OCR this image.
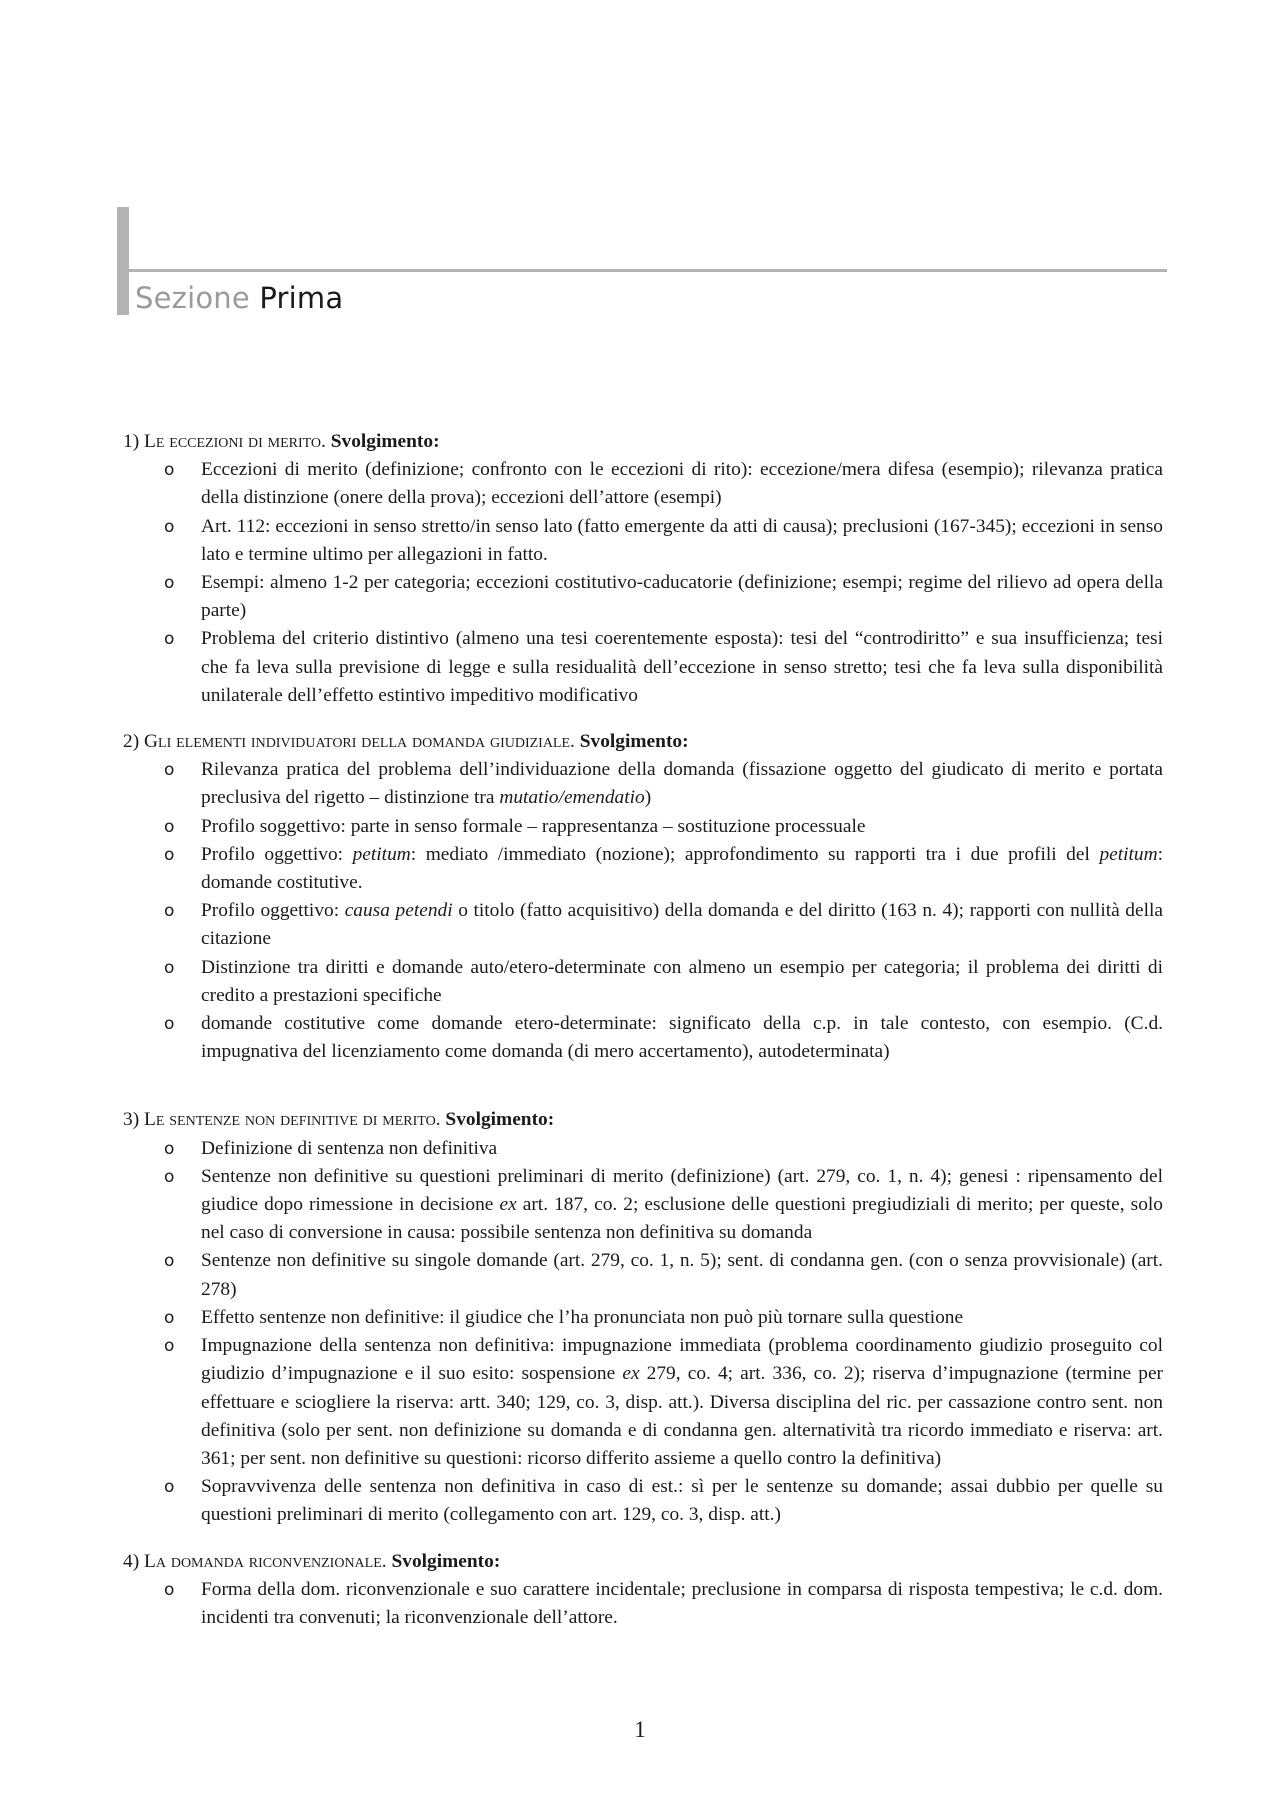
Sezione Prima

1) Le eccezioni di merito. Svolgimento:

o Eccezioni di merito (definizione; confronto con le eccezioni di rito): eccezione/mera difesa (esempio); rilevanza pratica della distinzione (onere della prova); eccezioni dell’attore (esempi)
o Art. 112: eccezioni in senso stretto/in senso lato (fatto emergente da atti di causa); preclusioni (167-345); eccezioni in senso lato e termine ultimo per allegazioni in fatto.
o Esempi: almeno 1-2 per categoria; eccezioni costitutivo-caducatorie (definizione; esempi; regime del rilievo ad opera della parte)
o Problema del criterio distintivo (almeno una tesi coerentemente esposta): tesi del “controdiritto” e sua insufficienza; tesi che fa leva sulla previsione di legge e sulla residualità dell’eccezione in senso stretto; tesi che fa leva sulla disponibilità unilaterale dell’effetto estintivo impeditivo modificativo

2) Gli elementi individuatori della domanda giudiziale. Svolgimento:

o Rilevanza pratica del problema dell’individuazione della domanda (fissazione oggetto del giudicato di merito e portata preclusiva del rigetto – distinzione tra mutatio/emendatio)
o Profilo soggettivo: parte in senso formale – rappresentanza – sostituzione processuale
o Profilo oggettivo: petitum: mediato /immediato (nozione); approfondimento su rapporti tra i due profili del petitum: domande costitutive.
o Profilo oggettivo: causa petendi o titolo (fatto acquisitivo) della domanda e del diritto (163 n. 4); rapporti con nullità della citazione
o Distinzione tra diritti e domande auto/etero-determinate con almeno un esempio per categoria; il problema dei diritti di credito a prestazioni specifiche
o domande costitutive come domande etero-determinate: significato della c.p. in tale contesto, con esempio. (C.d. impugnativa del licenziamento come domanda (di mero accertamento), autodeterminata)

3) Le sentenze non definitive di merito. Svolgimento:

o Definizione di sentenza non definitiva
o Sentenze non definitive su questioni preliminari di merito (definizione) (art. 279, co. 1, n. 4); genesi : ripensamento del giudice dopo rimessione in decisione ex art. 187, co. 2; esclusione delle questioni pregiudiziali di merito; per queste, solo nel caso di conversione in causa: possibile sentenza non definitiva su domanda
o Sentenze non definitive su singole domande (art. 279, co. 1, n. 5); sent. di condanna gen. (con o senza provvisionale) (art. 278)
o Effetto sentenze non definitive: il giudice che l’ha pronunciata non può più tornare sulla questione
o Impugnazione della sentenza non definitiva: impugnazione immediata (problema coordinamento giudizio proseguito col giudizio d’impugnazione e il suo esito: sospensione ex 279, co. 4; art. 336, co. 2); riserva d’impugnazione (termine per effettuare e sciogliere la riserva: artt. 340; 129, co. 3, disp. att.). Diversa disciplina del ric. per cassazione contro sent. non definitiva (solo per sent. non definizione su domanda e di condanna gen. alternatività tra ricordo immediato e riserva: art. 361; per sent. non definitive su questioni: ricorso differito assieme a quello contro la definitiva)
o Sopravvivenza delle sentenza non definitiva in caso di est.: sì per le sentenze su domande; assai dubbio per quelle su questioni preliminari di merito (collegamento con art. 129, co. 3, disp. att.)

4) La domanda riconvenzionale. Svolgimento:

o Forma della dom. riconvenzionale e suo carattere incidentale; preclusione in comparsa di risposta tempestiva; le c.d. dom. incidenti tra convenuti; la riconvenzionale dell’attore.
1
